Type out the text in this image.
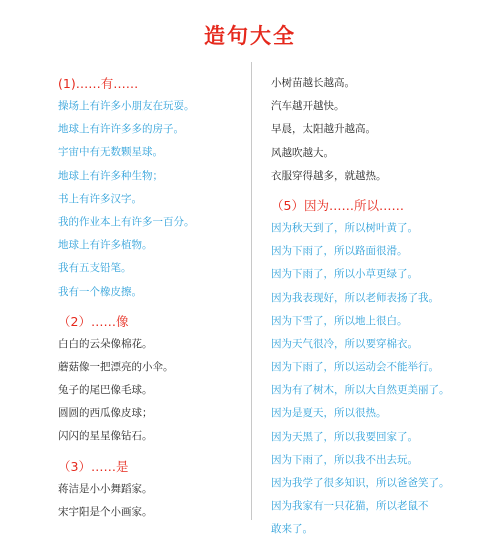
造句大全
(1)……有……
操场上有许多小朋友在玩耍。
地球上有许许多多的房子。
宇宙中有无数颗星球。
地球上有许多种生物；
书上有许多汉字。
我的作业本上有许多一百分。
地球上有许多植物。
我有五支铅笔。
我有一个橡皮擦。
（2）……像
白白的云朵像棉花。
蘑菇像一把漂亮的小伞。
兔子的尾巴像毛球。
圆圆的西瓜像皮球；
闪闪的星星像钻石。
（3）……是
蒋洁是小小舞蹈家。
宋宇阳是个小画家。
小树苗越长越高。
汽车越开越快。
早晨，太阳越升越高。
风越吹越大。
衣服穿得越多，就越热。
（5）因为……所以……
因为秋天到了，所以树叶黄了。
因为下雨了，所以路面很滑。
因为下雨了，所以小草更绿了。
因为我表现好，所以老师表扬了我。
因为下雪了，所以地上很白。
因为天气很冷，所以要穿棉衣。
因为下雨了，所以运动会不能举行。
因为有了树木，所以大自然更美丽了。
因为是夏天，所以很热。
因为天黑了，所以我要回家了。
因为下雨了，所以我不出去玩。
因为我学了很多知识，所以爸爸笑了。
因为我家有一只花猫，所以老鼠不
敢来了。
